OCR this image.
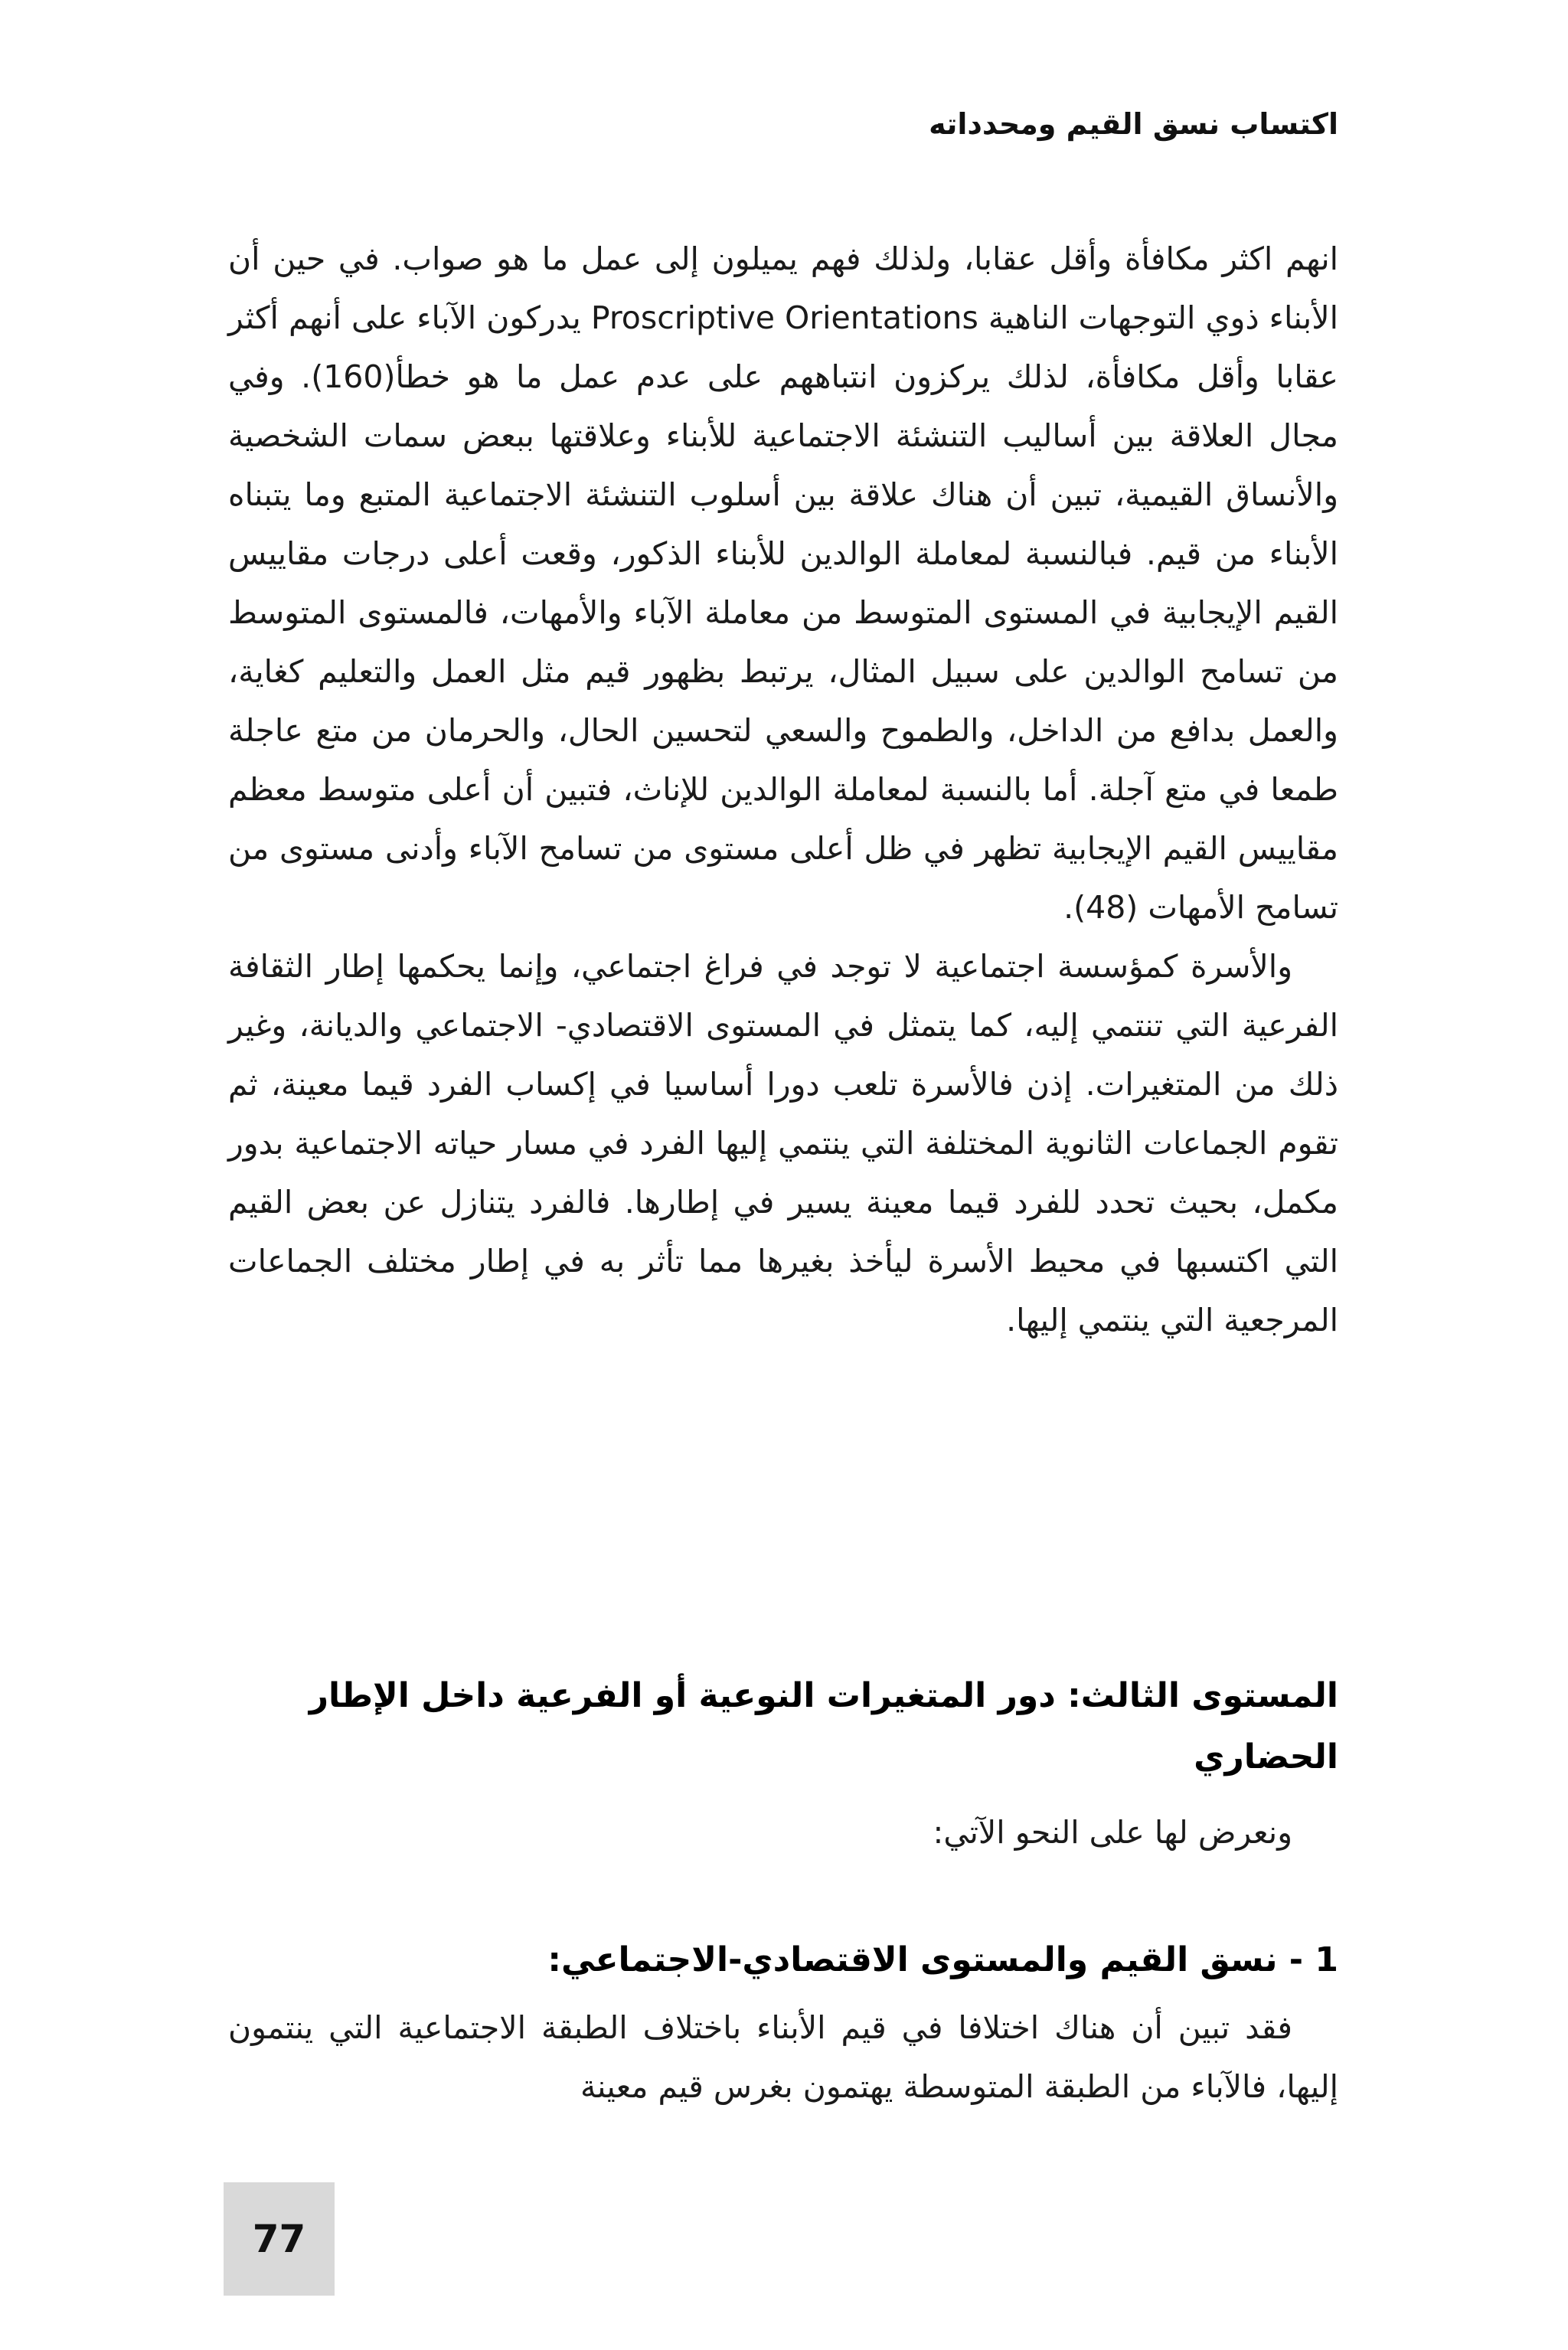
اكتساب نسق القيم ومحدداته

انهم اكثر مكافأة وأقل عقابا، ولذلك فهم يميلون إلى عمل ما هو صواب. في حين أن الأبناء ذوي التوجهات الناهية Proscriptive Orientations يدركون الآباء على أنهم أكثر عقابا وأقل مكافأة، لذلك يركزون انتباههم على عدم عمل ما هو خطأ(160). وفي مجال العلاقة بين أساليب التنشئة الاجتماعية للأبناء وعلاقتها ببعض سمات الشخصية والأنساق القيمية، تبين أن هناك علاقة بين أسلوب التنشئة الاجتماعية المتبع وما يتبناه الأبناء من قيم. فبالنسبة لمعاملة الوالدين للأبناء الذكور، وقعت أعلى درجات مقاييس القيم الإيجابية في المستوى المتوسط من معاملة الآباء والأمهات، فالمستوى المتوسط من تسامح الوالدين على سبيل المثال، يرتبط بظهور قيم مثل العمل والتعليم كغاية، والعمل بدافع من الداخل، والطموح والسعي لتحسين الحال، والحرمان من متع عاجلة طمعا في متع آجلة. أما بالنسبة لمعاملة الوالدين للإناث، فتبين أن أعلى متوسط معظم مقاييس القيم الإيجابية تظهر في ظل أعلى مستوى من تسامح الآباء وأدنى مستوى من تسامح الأمهات (48).

والأسرة كمؤسسة اجتماعية لا توجد في فراغ اجتماعي، وإنما يحكمها إطار الثقافة الفرعية التي تنتمي إليه، كما يتمثل في المستوى الاقتصادي- الاجتماعي والديانة، وغير ذلك من المتغيرات. إذن فالأسرة تلعب دورا أساسيا في إكساب الفرد قيما معينة، ثم تقوم الجماعات الثانوية المختلفة التي ينتمي إليها الفرد في مسار حياته الاجتماعية بدور مكمل، بحيث تحدد للفرد قيما معينة يسير في إطارها. فالفرد يتنازل عن بعض القيم التي اكتسبها في محيط الأسرة ليأخذ بغيرها مما تأثر به في إطار مختلف الجماعات المرجعية التي ينتمي إليها.

المستوى الثالث: دور المتغيرات النوعية أو الفرعية داخل الإطار الحضاري
ونعرض لها على النحو الآتي:
1 - نسق القيم والمستوى الاقتصادي-الاجتماعي:

فقد تبين أن هناك اختلافا في قيم الأبناء باختلاف الطبقة الاجتماعية التي ينتمون إليها، فالآباء من الطبقة المتوسطة يهتمون بغرس قيم معينة

77
